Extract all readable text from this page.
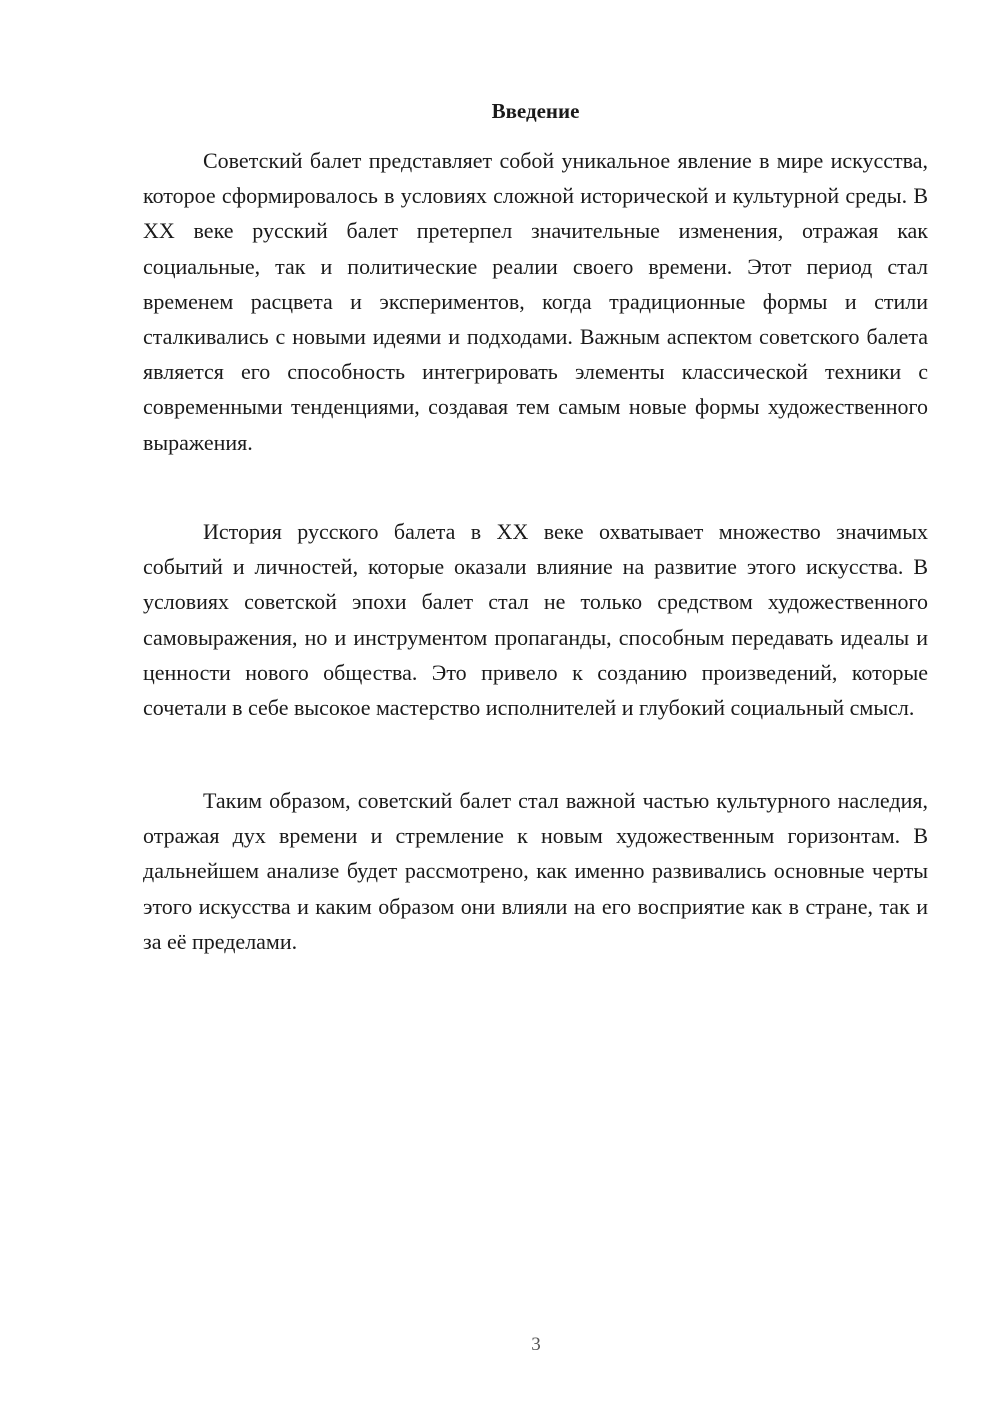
Введение

Советский балет представляет собой уникальное явление в мире искусства, которое сформировалось в условиях сложной исторической и культурной среды. В XX веке русский балет претерпел значительные изменения, отражая как социальные, так и политические реалии своего времени. Этот период стал временем расцвета и экспериментов, когда традиционные формы и стили сталкивались с новыми идеями и подходами. Важным аспектом советского балета является его способность интегрировать элементы классической техники с современными тенденциями, создавая тем самым новые формы художественного выражения.

История русского балета в XX веке охватывает множество значимых событий и личностей, которые оказали влияние на развитие этого искусства. В условиях советской эпохи балет стал не только средством художественного самовыражения, но и инструментом пропаганды, способным передавать идеалы и ценности нового общества. Это привело к созданию произведений, которые сочетали в себе высокое мастерство исполнителей и глубокий социальный смысл.

Таким образом, советский балет стал важной частью культурного наследия, отражая дух времени и стремление к новым художественным горизонтам. В дальнейшем анализе будет рассмотрено, как именно развивались основные черты этого искусства и каким образом они влияли на его восприятие как в стране, так и за её пределами.

3
